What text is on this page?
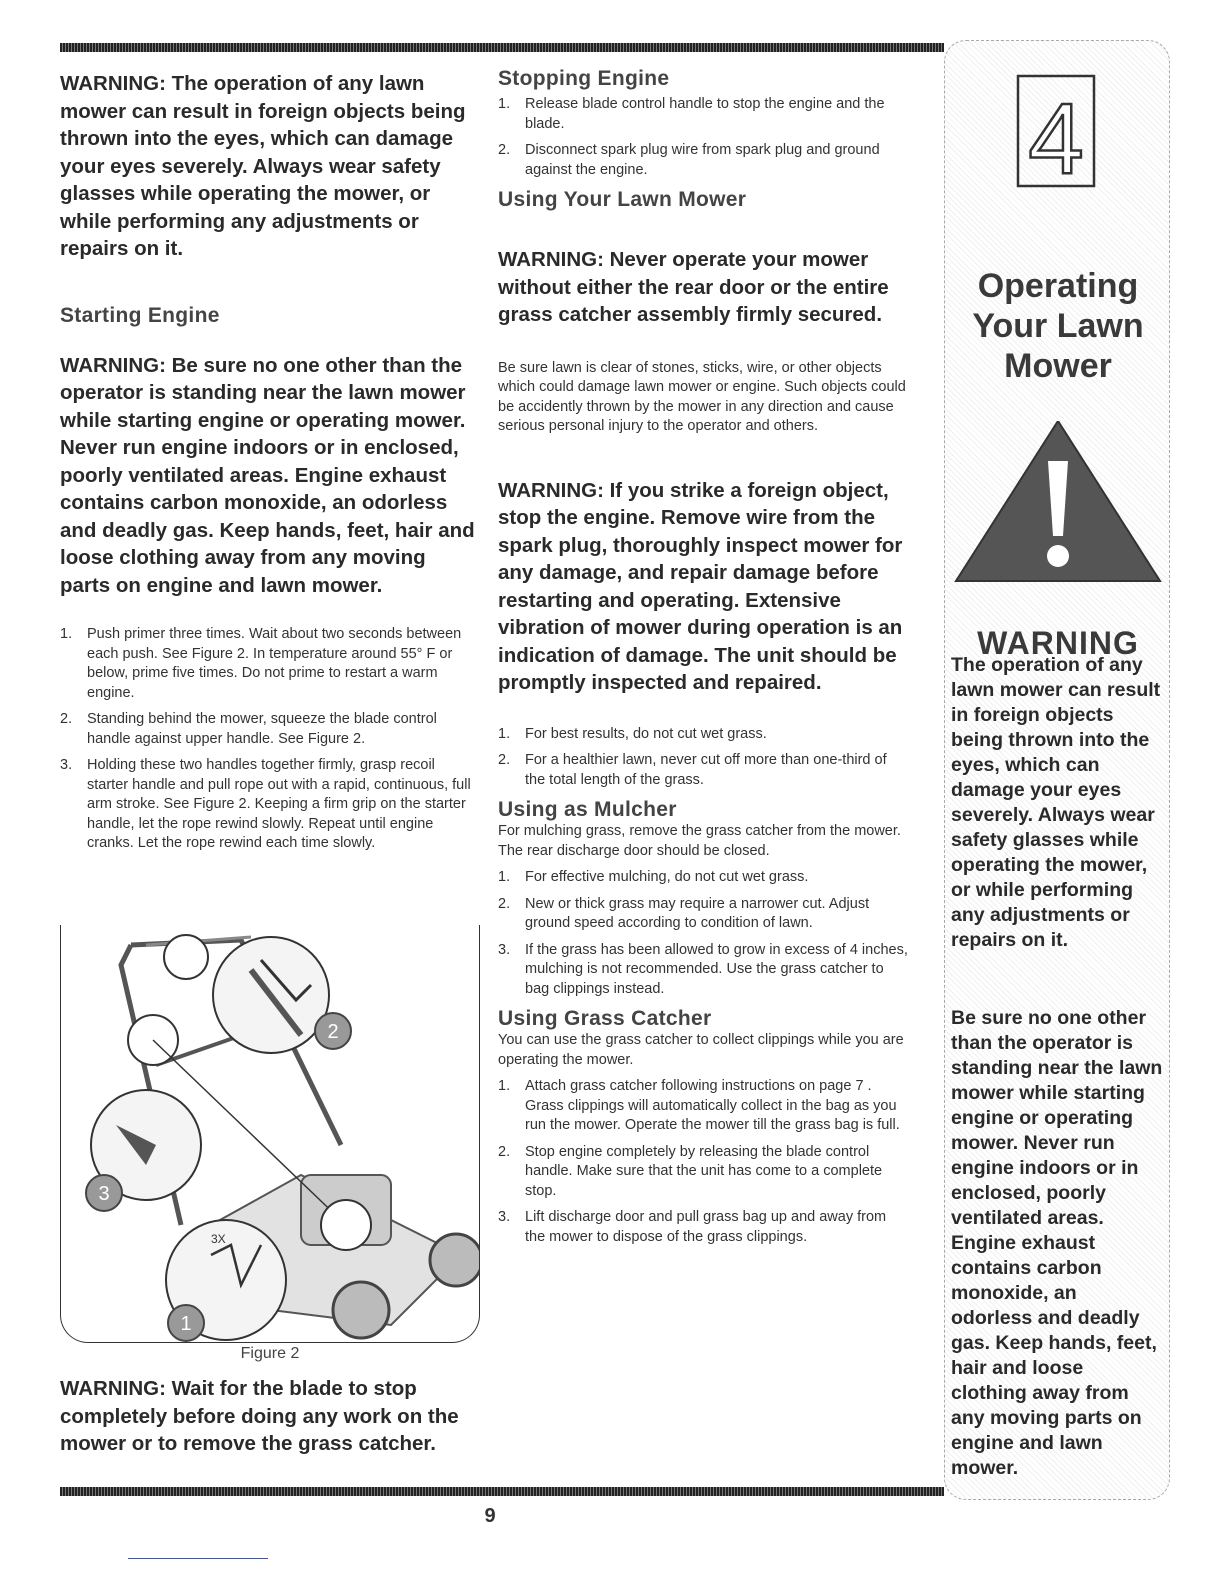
WARNING: The operation of any lawn mower can result in foreign objects being thrown into the eyes, which can damage your eyes severely. Always wear safety glasses while operating the mower, or while performing any adjustments or repairs on it.

Starting Engine

WARNING: Be sure no one other than the operator is standing near the lawn mower while starting engine or operating mower. Never run engine indoors or in enclosed, poorly ventilated areas. Engine exhaust contains carbon monoxide, an odorless and deadly gas. Keep hands, feet, hair and loose clothing away from any moving parts on engine and lawn mower.

1. Push primer three times. Wait about two seconds between each push. See Figure 2. In temperature around 55° F or below, prime five times. Do not prime to restart a warm engine.
2. Standing behind the mower, squeeze the blade control handle against upper handle. See Figure 2.
3. Holding these two handles together firmly, grasp recoil starter handle and pull rope out with a rapid, continuous, full arm stroke. See Figure 2. Keeping a firm grip on the starter handle, let the rope rewind slowly. Repeat until engine cranks. Let the rope rewind each time slowly.
3X
2
3
1
Figure 2

WARNING: Wait for the blade to stop completely before doing any work on the mower or to remove the grass catcher.

Stopping Engine
1. Release blade control handle to stop the engine and the blade.
2. Disconnect spark plug wire from spark plug and ground against the engine.
Using Your Lawn Mower

WARNING: Never operate your mower without either the rear door or the entire grass catcher assembly firmly secured.

Be sure lawn is clear of stones, sticks, wire, or other objects which could damage lawn mower or engine. Such objects could be accidently thrown by the mower in any direction and cause serious personal injury to the operator and others.

WARNING: If you strike a foreign object, stop the engine. Remove wire from the spark plug, thoroughly inspect mower for any damage, and repair damage before restarting and operating. Extensive vibration of mower during operation is an indication of damage. The unit should be promptly inspected and repaired.

1. For best results, do not cut wet grass.
2. For a healthier lawn, never cut off more than one-third of the total length of the grass.
Using as Mulcher

For mulching grass, remove the grass catcher from the mower. The rear discharge door should be closed.

1. For effective mulching, do not cut wet grass.
2. New or thick grass may require a narrower cut. Adjust ground speed according to condition of lawn.
3. If the grass has been allowed to grow in excess of 4 inches, mulching is not recommended. Use the grass catcher to bag clippings instead.
Using Grass Catcher

You can use the grass catcher to collect clippings while you are operating the mower.

1. Attach grass catcher following instructions on page 7 . Grass clippings will automatically collect in the bag as you run the mower. Operate the mower till the grass bag is full.
2. Stop engine completely by releasing the blade control handle. Make sure that the unit has come to a complete stop.
3. Lift discharge door and pull grass bag up and away from the mower to dispose of the grass clippings.
4
Operating Your Lawn Mower
WARNING

The operation of any lawn mower can result in foreign objects being thrown into the eyes, which can damage your eyes severely. Always wear safety glasses while operating the mower, or while performing any adjustments or repairs on it.

Be sure no one other than the operator is standing near the lawn mower while starting engine or operating mower. Never run engine indoors or in enclosed, poorly ventilated areas. Engine exhaust contains carbon monoxide, an odorless and deadly gas. Keep hands, feet, hair and loose clothing away from any moving parts on engine and lawn mower.

9
